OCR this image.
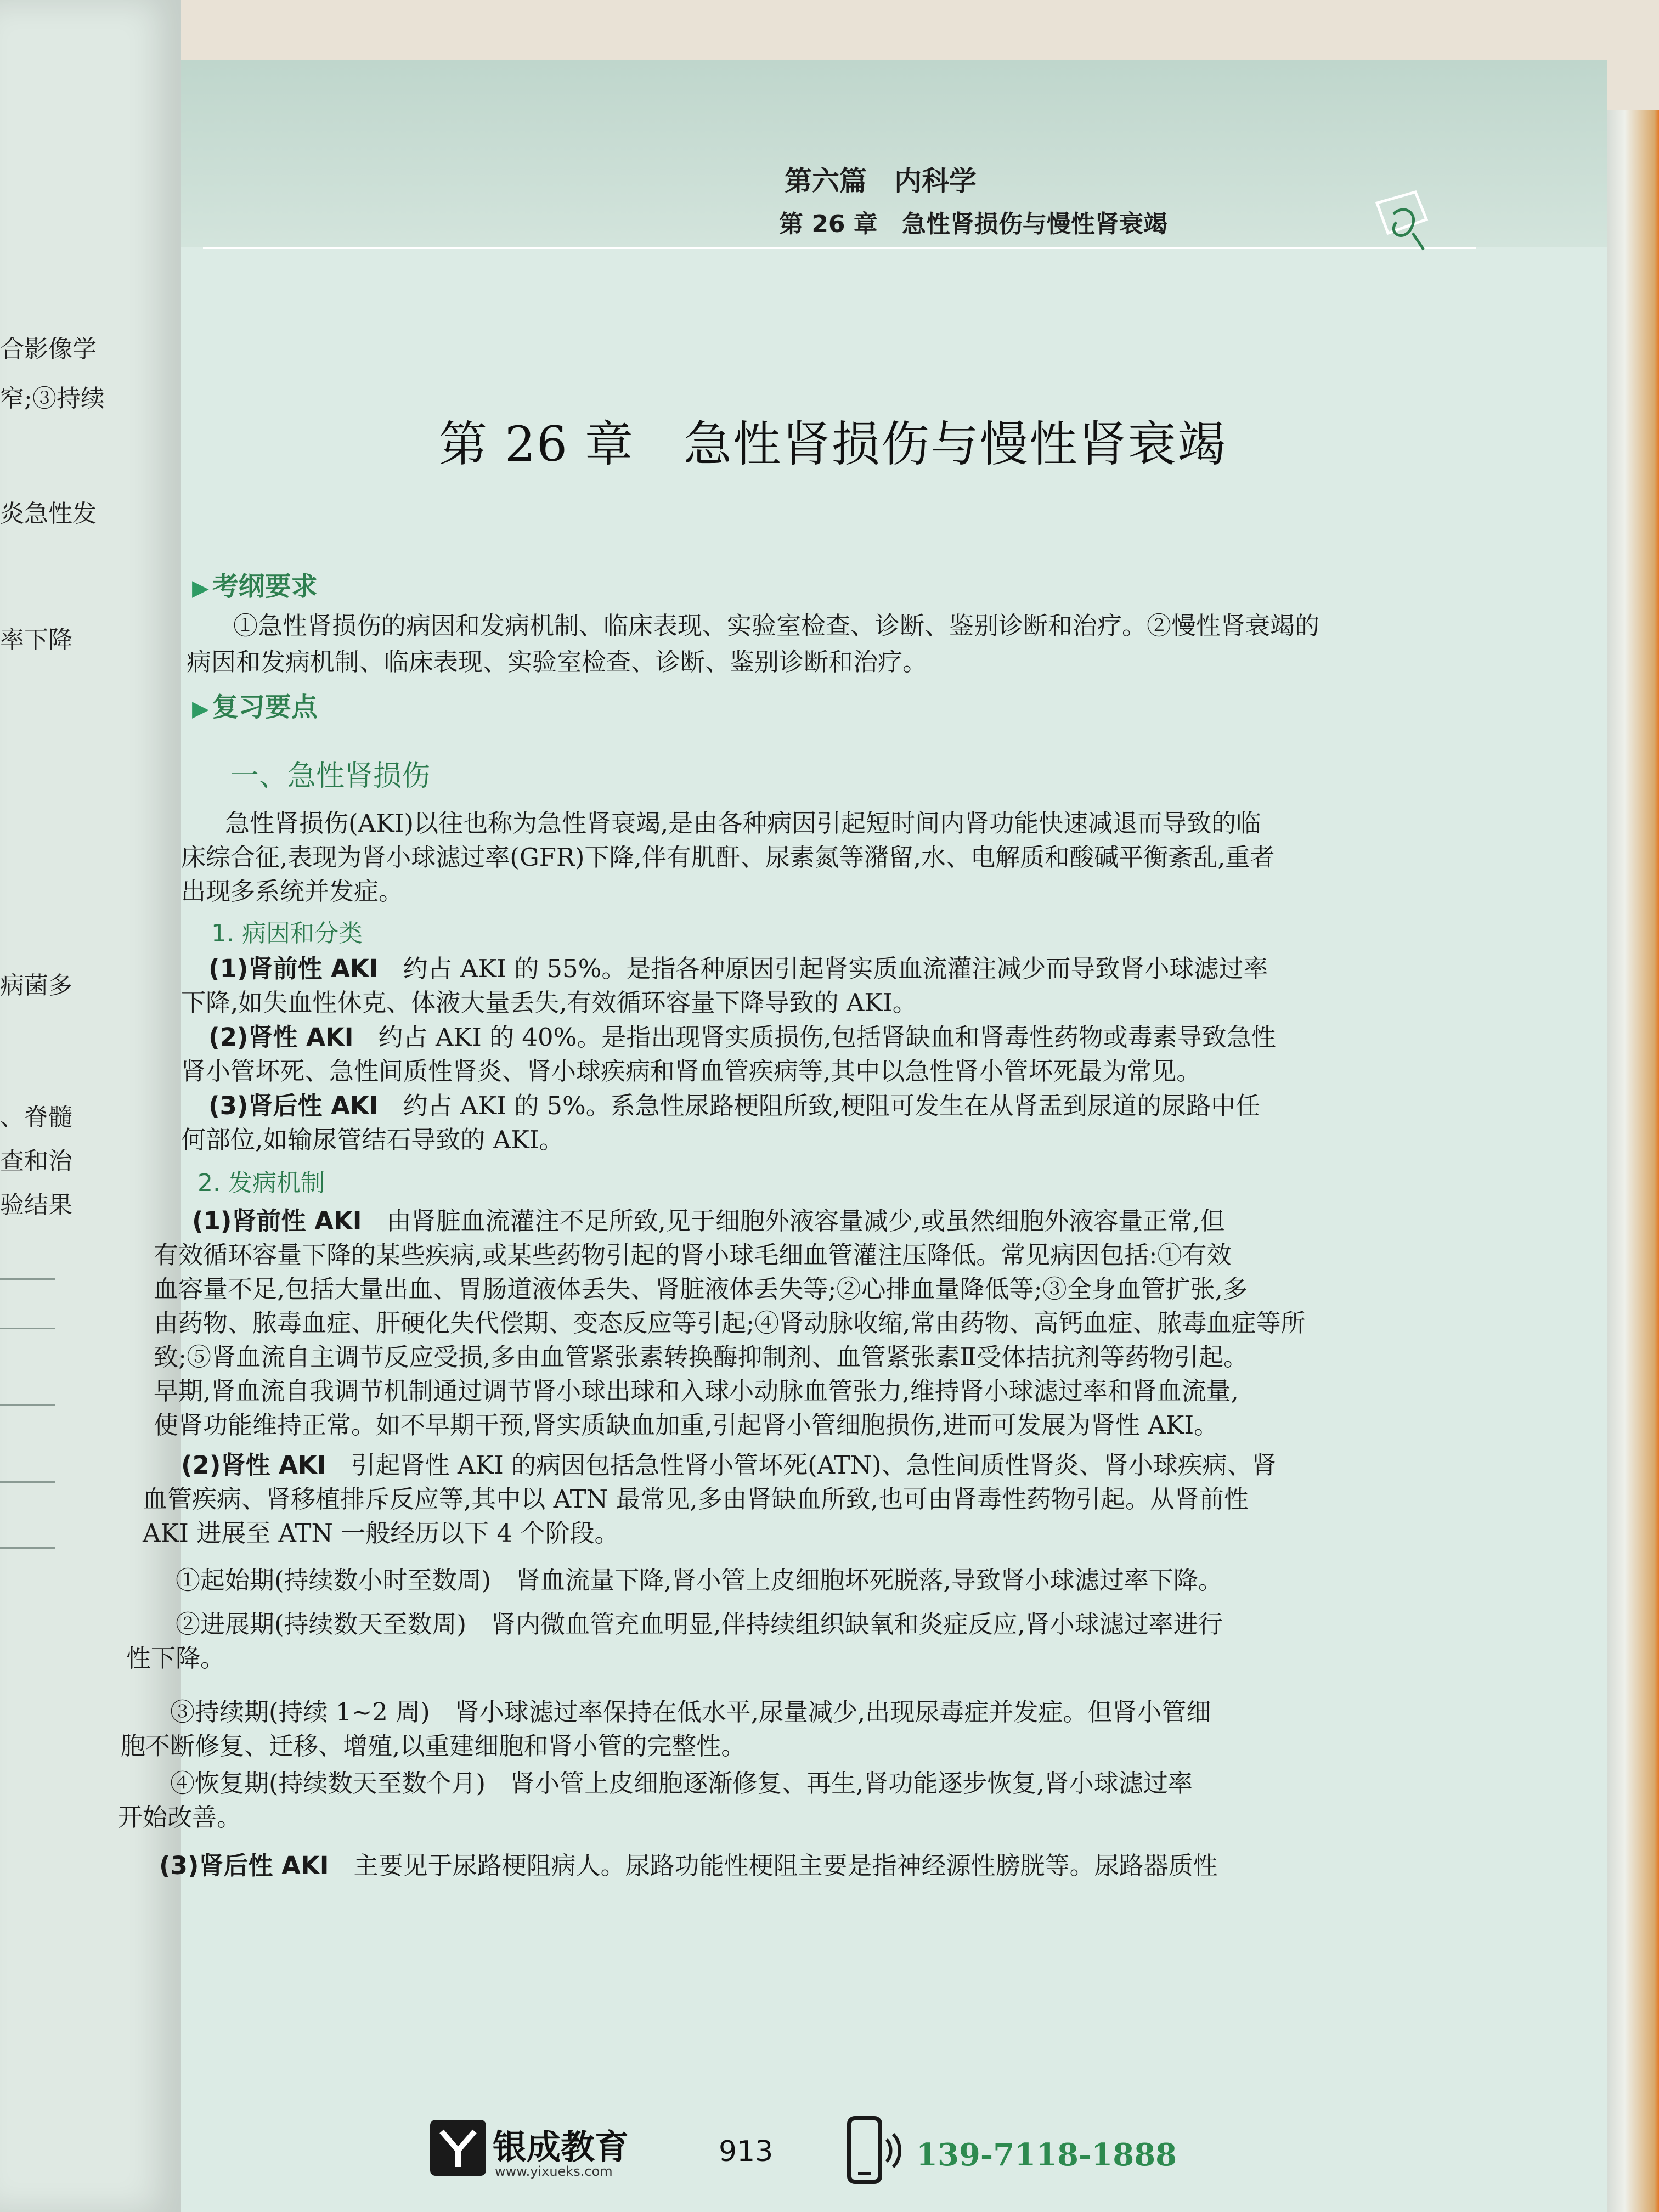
合影像学
窄;③持续
炎急性发
率下降
病菌多
、脊髓
查和治
验结果
第六篇　内科学
第 26 章　急性肾损伤与慢性肾衰竭
第 26 章　急性肾损伤与慢性肾衰竭
▶ 考纲要求
①急性肾损伤的病因和发病机制、临床表现、实验室检查、诊断、鉴别诊断和治疗。②慢性肾衰竭的
病因和发病机制、临床表现、实验室检查、诊断、鉴别诊断和治疗。
▶ 复习要点
一、急性肾损伤
急性肾损伤(AKI)以往也称为急性肾衰竭,是由各种病因引起短时间内肾功能快速减退而导致的临
床综合征,表现为肾小球滤过率(GFR)下降,伴有肌酐、尿素氮等潴留,水、电解质和酸碱平衡紊乱,重者
出现多系统并发症。
1. 病因和分类
(1)肾前性 AKI　 约占 AKI 的 55%。是指各种原因引起肾实质血流灌注减少而导致肾小球滤过率
下降,如失血性休克、体液大量丢失,有效循环容量下降导致的 AKI。
(2)肾性 AKI　 约占 AKI 的 40%。是指出现肾实质损伤,包括肾缺血和肾毒性药物或毒素导致急性
肾小管坏死、急性间质性肾炎、肾小球疾病和肾血管疾病等,其中以急性肾小管坏死最为常见。
(3)肾后性 AKI　 约占 AKI 的 5%。系急性尿路梗阻所致,梗阻可发生在从肾盂到尿道的尿路中任
何部位,如输尿管结石导致的 AKI。
2. 发病机制
(1)肾前性 AKI　 由肾脏血流灌注不足所致,见于细胞外液容量减少,或虽然细胞外液容量正常,但
有效循环容量下降的某些疾病,或某些药物引起的肾小球毛细血管灌注压降低。常见病因包括:①有效
血容量不足,包括大量出血、胃肠道液体丢失、肾脏液体丢失等;②心排血量降低等;③全身血管扩张,多
由药物、脓毒血症、肝硬化失代偿期、变态反应等引起;④肾动脉收缩,常由药物、高钙血症、脓毒血症等所
致;⑤肾血流自主调节反应受损,多由血管紧张素转换酶抑制剂、血管紧张素Ⅱ受体拮抗剂等药物引起。
早期,肾血流自我调节机制通过调节肾小球出球和入球小动脉血管张力,维持肾小球滤过率和肾血流量,
使肾功能维持正常。如不早期干预,肾实质缺血加重,引起肾小管细胞损伤,进而可发展为肾性 AKI。
(2)肾性 AKI　 引起肾性 AKI 的病因包括急性肾小管坏死(ATN)、急性间质性肾炎、肾小球疾病、肾
血管疾病、肾移植排斥反应等,其中以 ATN 最常见,多由肾缺血所致,也可由肾毒性药物引起。从肾前性
AKI 进展至 ATN 一般经历以下 4 个阶段。
①起始期(持续数小时至数周)　 肾血流量下降,肾小管上皮细胞坏死脱落,导致肾小球滤过率下降。
②进展期(持续数天至数周)　 肾内微血管充血明显,伴持续组织缺氧和炎症反应,肾小球滤过率进行
性下降。
③持续期(持续 1~2 周)　 肾小球滤过率保持在低水平,尿量减少,出现尿毒症并发症。但肾小管细
胞不断修复、迁移、增殖,以重建细胞和肾小管的完整性。
④恢复期(持续数天至数个月)　 肾小管上皮细胞逐渐修复、再生,肾功能逐步恢复,肾小球滤过率
开始改善。
(3)肾后性 AKI　 主要见于尿路梗阻病人。尿路功能性梗阻主要是指神经源性膀胱等。尿路器质性
银成教育
www.yixueks.com
913	139-7118-1888
